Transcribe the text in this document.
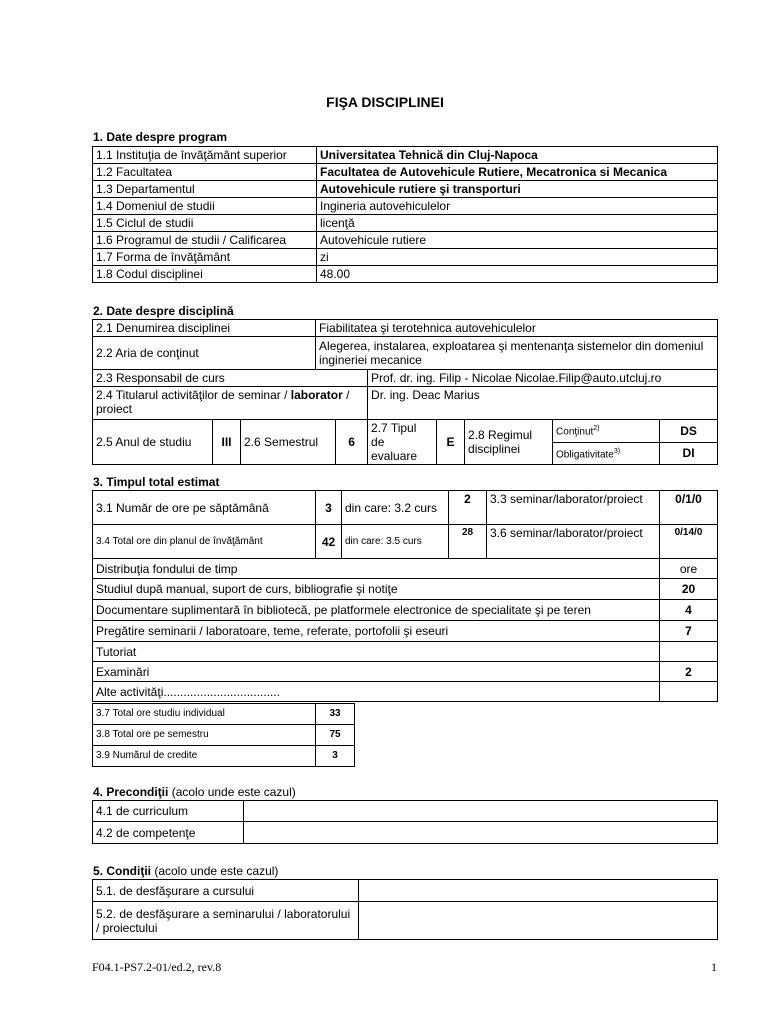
FIŞA DISCIPLINEI
1. Date despre program
1.1 Instituţia de învăţământ superior	Universitatea Tehnică din Cluj-Napoca
1.2 Facultatea	Facultatea de Autovehicule Rutiere, Mecatronica si Mecanica
1.3 Departamentul	Autovehicule rutiere şi transporturi
1.4 Domeniul de studii	Ingineria autovehiculelor
1.5 Ciclul de studii	licenţă
1.6 Programul de studii / Calificarea	Autovehicule rutiere
1.7 Forma de învăţământ	zi
1.8 Codul disciplinei	48.00
2. Date despre disciplină
2.1 Denumirea disciplinei			Fiabilitatea şi terotehnica autovehiculelor						
2.2 Aria de conţinut			Alegerea, instalarea, exploatarea şi mentenanţa sistemelor din domeniul ingineriei mecanice						
2.3 Responsabil de curs					Prof. dr. ing. Filip - Nicolae Nicolae.Filip@auto.utcluj.ro				
2.4 Titularul activităţilor de seminar / laborator / proiect					Dr. ing. Deac Marius				
2.5 Anul de studiu	III	2.6 Semestrul		6	2.7 Tipul de evaluare	E	2.8 Regimul disciplinei	Conţinut$^{2)}$	DS
								Obligativitate$^{3)}$	DI
3. Timpul total estimat
3.1 Număr de ore pe săptămână	3	din care: 3.2 curs	2	3.3 seminar/laborator/proiect	0/1/0
3.4 Total ore din planul de învăţământ	42	din care: 3.5 curs	28	3.6 seminar/laborator/proiect	0/14/0
Distribuţia fondului de timp					ore
Studiul după manual, suport de curs, bibliografie şi notiţe					20
Documentare suplimentară în bibliotecă, pe platformele electronice de specialitate şi pe teren					4
Pregătire seminarii / laboratoare, teme, referate, portofolii şi eseuri					7
Tutoriat					
Examinări					2
Alte activităţi...................................					
3.7 Total ore studiu individual	33
3.8 Total ore pe semestru	75
3.9 Numărul de credite	3
4. Precondiţii (acolo unde este cazul)
4.1 de curriculum	
4.2 de competenţe	
5. Condiţii (acolo unde este cazul)
5.1. de desfăşurare a cursului	
5.2. de desfăşurare a seminarului / laboratorului / proiectului	
F04.1-PS7.2-01/ed.2, rev.8	1
